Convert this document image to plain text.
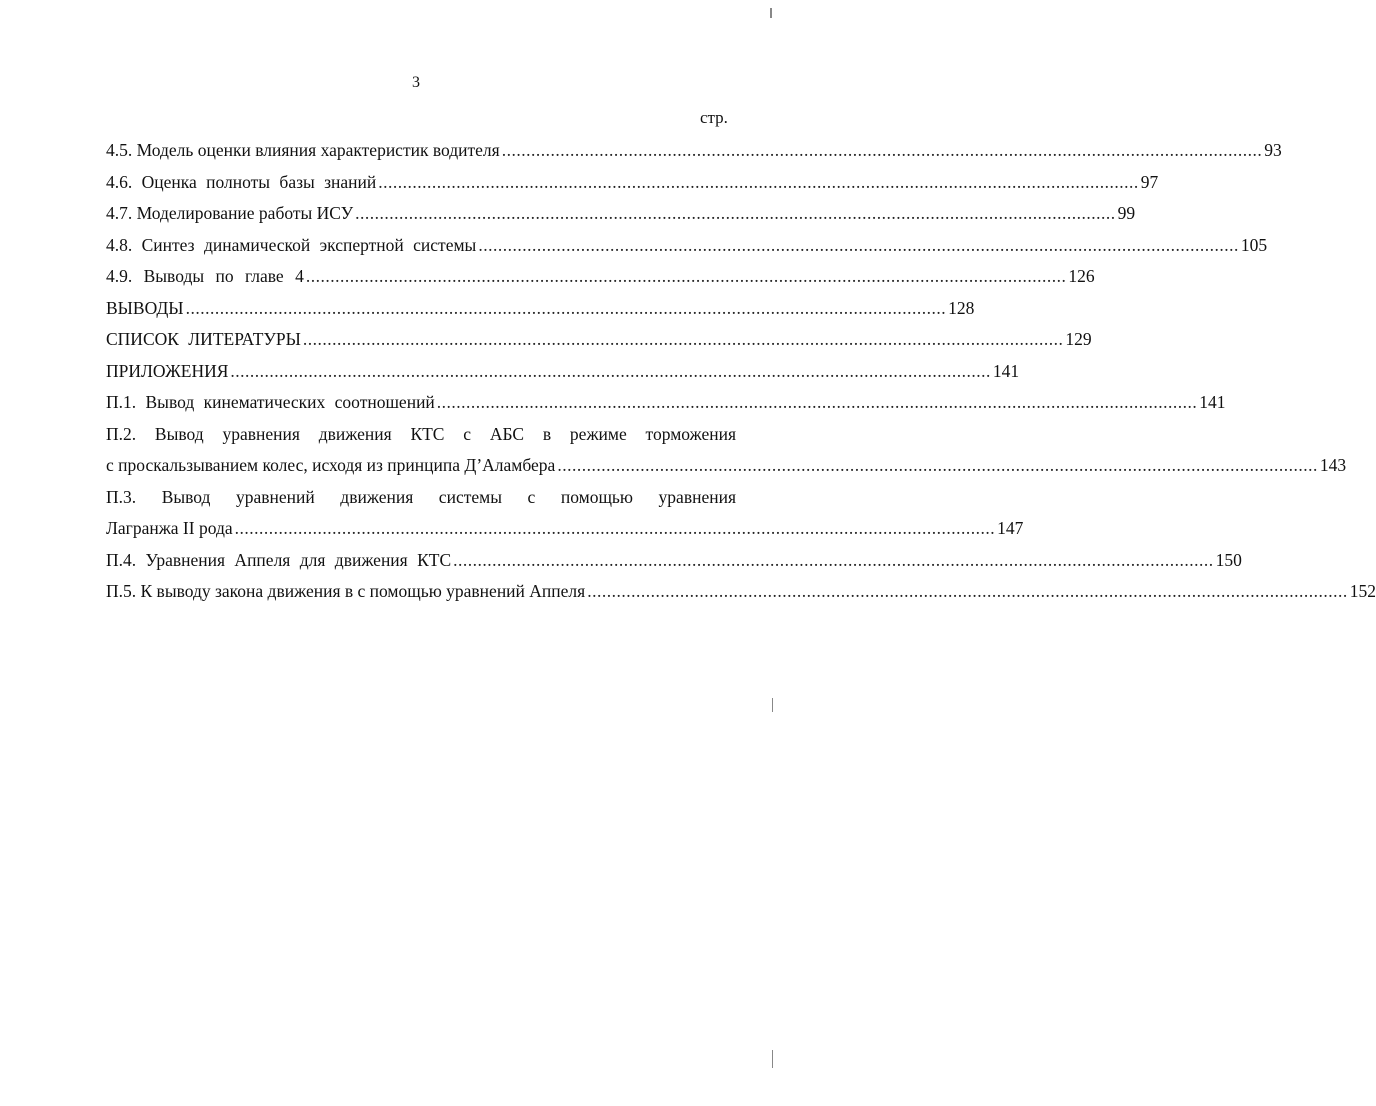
3
стр.
4.5. Модель оценки влияния характеристик водителя ............................................................................................................................................................ 93
4.6. Оценка полноты базы знаний ............................................................................................................................................................ 97
4.7. Моделирование работы ИСУ ............................................................................................................................................................ 99
4.8. Синтез динамической экспертной системы ............................................................................................................................................................ 105
4.9. Выводы по главе 4 ............................................................................................................................................................ 126
ВЫВОДЫ ............................................................................................................................................................ 128
СПИСОК ЛИТЕРАТУРЫ ............................................................................................................................................................ 129
ПРИЛОЖЕНИЯ ............................................................................................................................................................ 141
П.1. Вывод кинематических соотношений ............................................................................................................................................................ 141
П.2. Вывод уравнения движения КТС с АБС в режиме торможения
с проскальзыванием колес, исходя из принципа Д’Аламбера ............................................................................................................................................................ 143
П.3. Вывод уравнений движения системы с помощью уравнения
Лагранжа II рода ............................................................................................................................................................ 147
П.4. Уравнения Аппеля для движения КТС ............................................................................................................................................................ 150
П.5. К выводу закона движения в с помощью уравнений Аппеля ............................................................................................................................................................ 152
